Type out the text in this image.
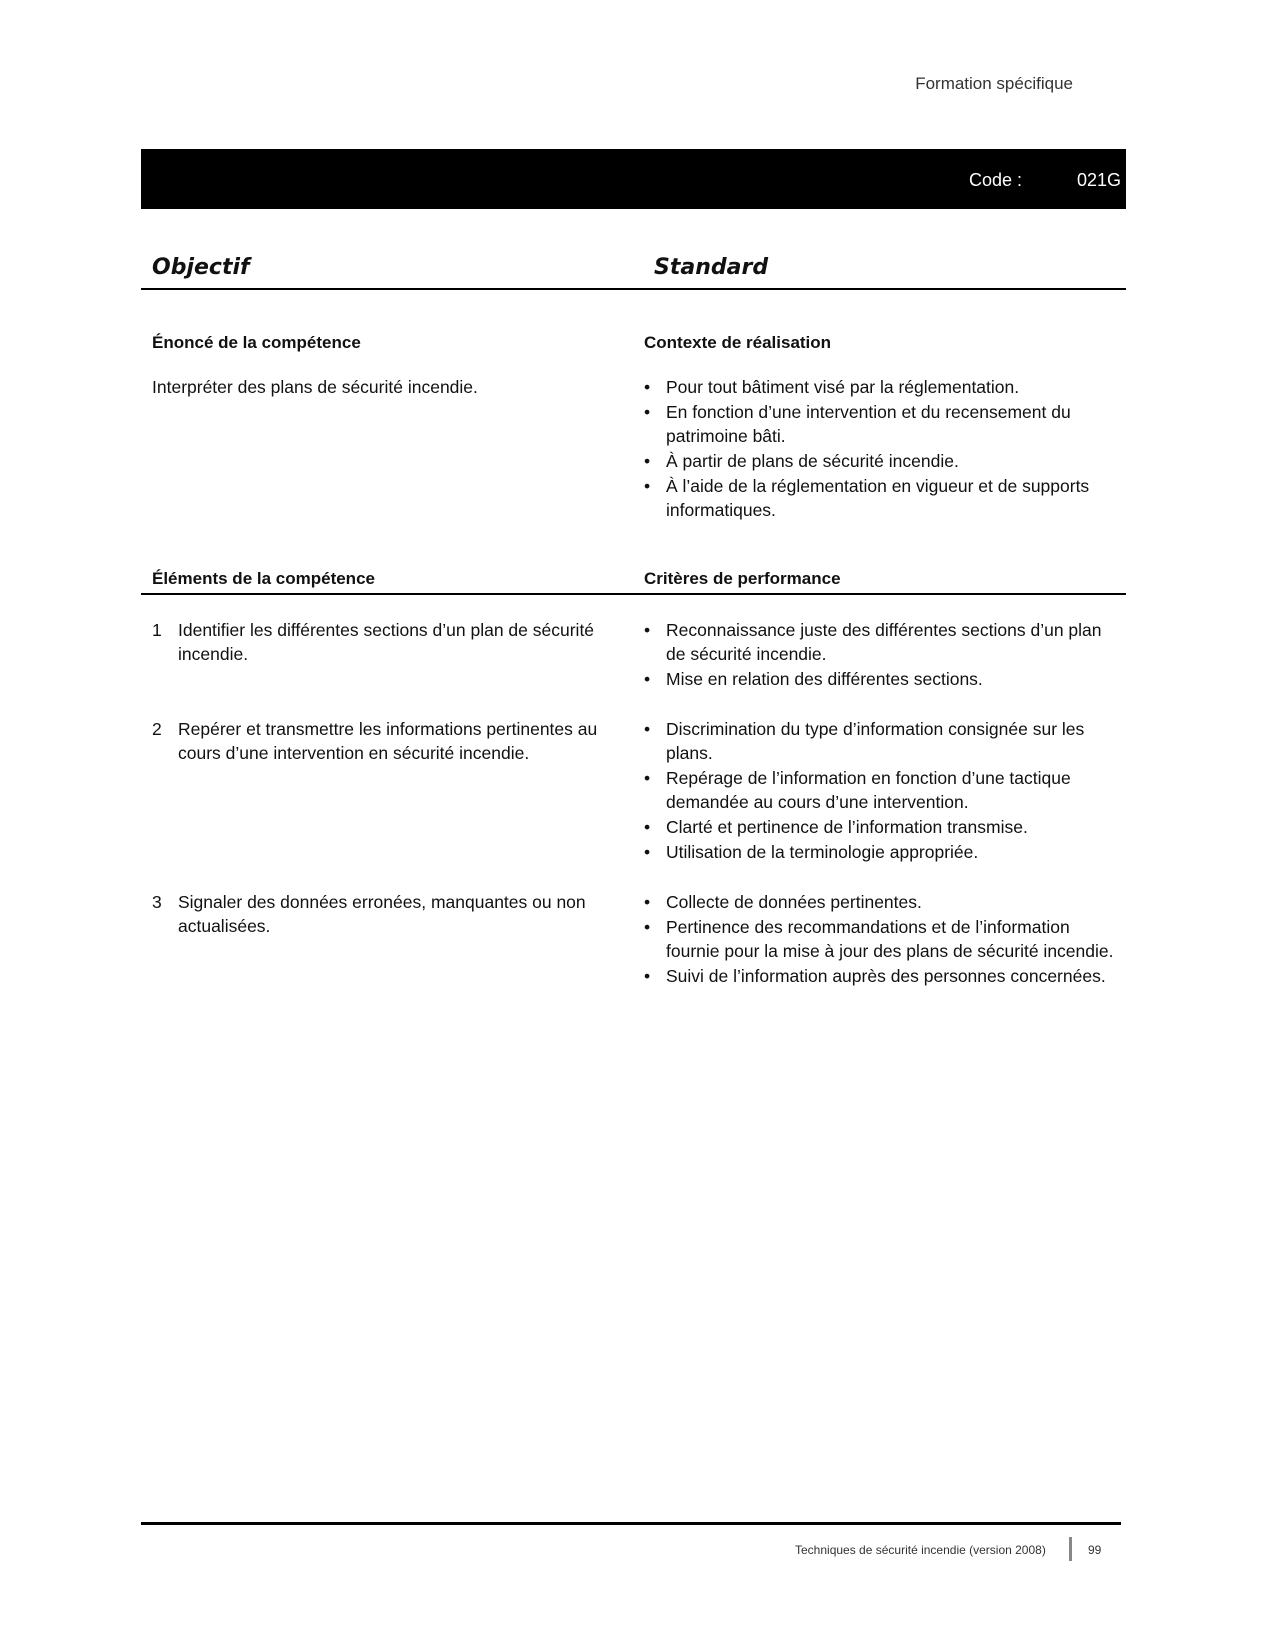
Formation spécifique
Code :	021G
Objectif	Standard
Énoncé de la compétence	Contexte de réalisation
Interpréter des plans de sécurité incendie.
•	Pour tout bâtiment visé par la réglementation.
• En fonction d’une intervention et du recensement du patrimoine bâti.
• À partir de plans de sécurité incendie.
• À l’aide de la réglementation en vigueur et de supports informatiques.
Éléments de la compétence	Critères de performance
1 Identifier les différentes sections d’un plan de sécurité incendie.
• Reconnaissance juste des différentes sections d’un plan de sécurité incendie.
• Mise en relation des différentes sections.
2 Repérer et transmettre les informations pertinentes au cours d’une intervention en sécurité incendie.
• Discrimination du type d’information consignée sur les plans.
• Repérage de l’information en fonction d’une tactique demandée au cours d’une intervention.
• Clarté et pertinence de l’information transmise.
• Utilisation de la terminologie appropriée.
3 Signaler des données erronées, manquantes ou non actualisées.
• Collecte de données pertinentes.
• Pertinence des recommandations et de l’information fournie pour la mise à jour des plans de sécurité incendie.
• Suivi de l’information auprès des personnes concernées.
Techniques de sécurité incendie (version 2008)	99
